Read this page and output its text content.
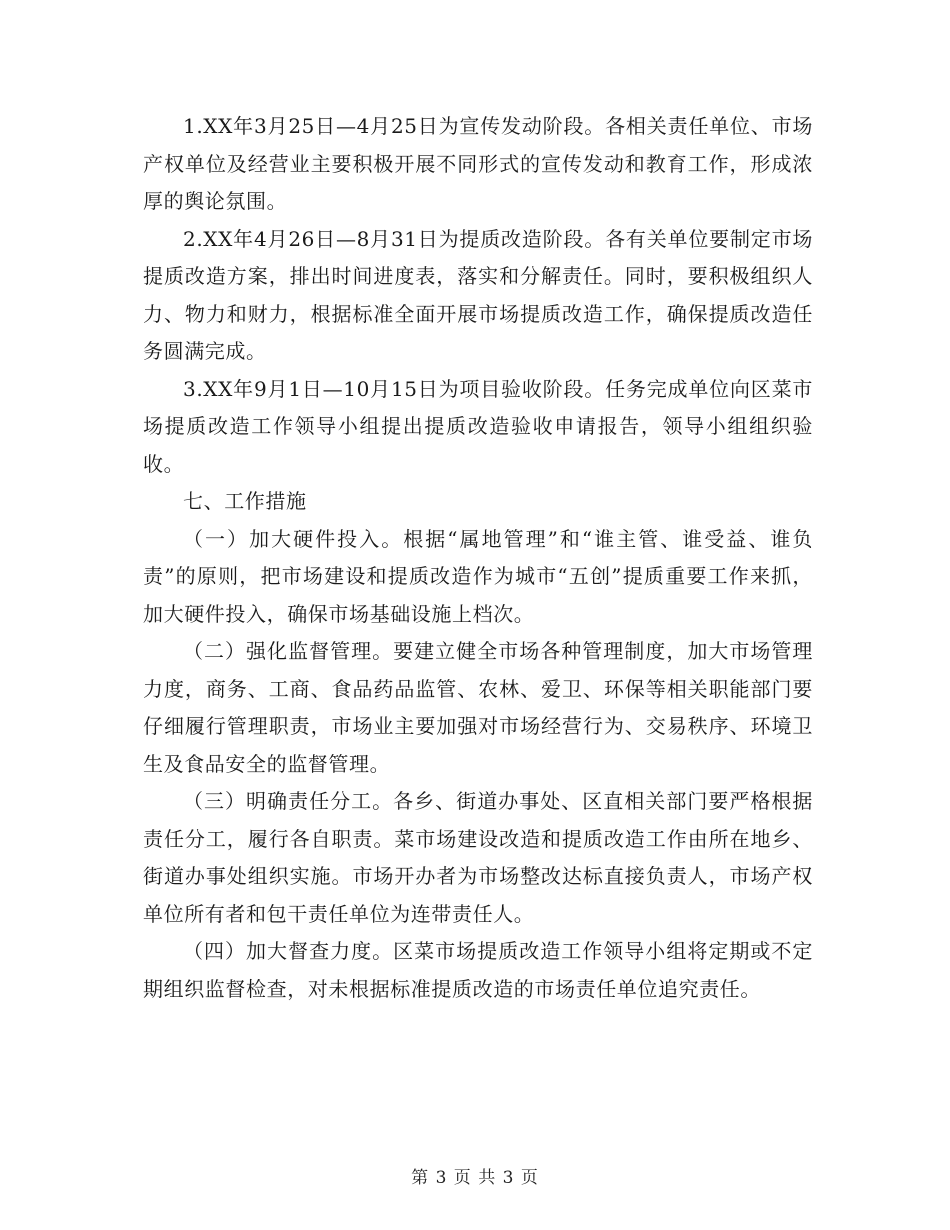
1.XX年3月25日—4月25日为宣传发动阶段。各相关责任单位、市场产权单位及经营业主要积极开展不同形式的宣传发动和教育工作，形成浓厚的舆论氛围。

2.XX年4月26日—8月31日为提质改造阶段。各有关单位要制定市场提质改造方案，排出时间进度表，落实和分解责任。同时，要积极组织人力、物力和财力，根据标准全面开展市场提质改造工作，确保提质改造任务圆满完成。

3.XX年9月1日—10月15日为项目验收阶段。任务完成单位向区菜市场提质改造工作领导小组提出提质改造验收申请报告，领导小组组织验收。

七、工作措施

（一）加大硬件投入。根据“属地管理”和“谁主管、谁受益、谁负责”的原则，把市场建设和提质改造作为城市“五创”提质重要工作来抓，加大硬件投入，确保市场基础设施上档次。

（二）强化监督管理。要建立健全市场各种管理制度，加大市场管理力度，商务、工商、食品药品监管、农林、爱卫、环保等相关职能部门要仔细履行管理职责，市场业主要加强对市场经营行为、交易秩序、环境卫生及食品安全的监督管理。

（三）明确责任分工。各乡、街道办事处、区直相关部门要严格根据责任分工，履行各自职责。菜市场建设改造和提质改造工作由所在地乡、街道办事处组织实施。市场开办者为市场整改达标直接负责人，市场产权单位所有者和包干责任单位为连带责任人。

（四）加大督查力度。区菜市场提质改造工作领导小组将定期或不定期组织监督检查，对未根据标准提质改造的市场责任单位追究责任。

第 3 页 共 3 页
